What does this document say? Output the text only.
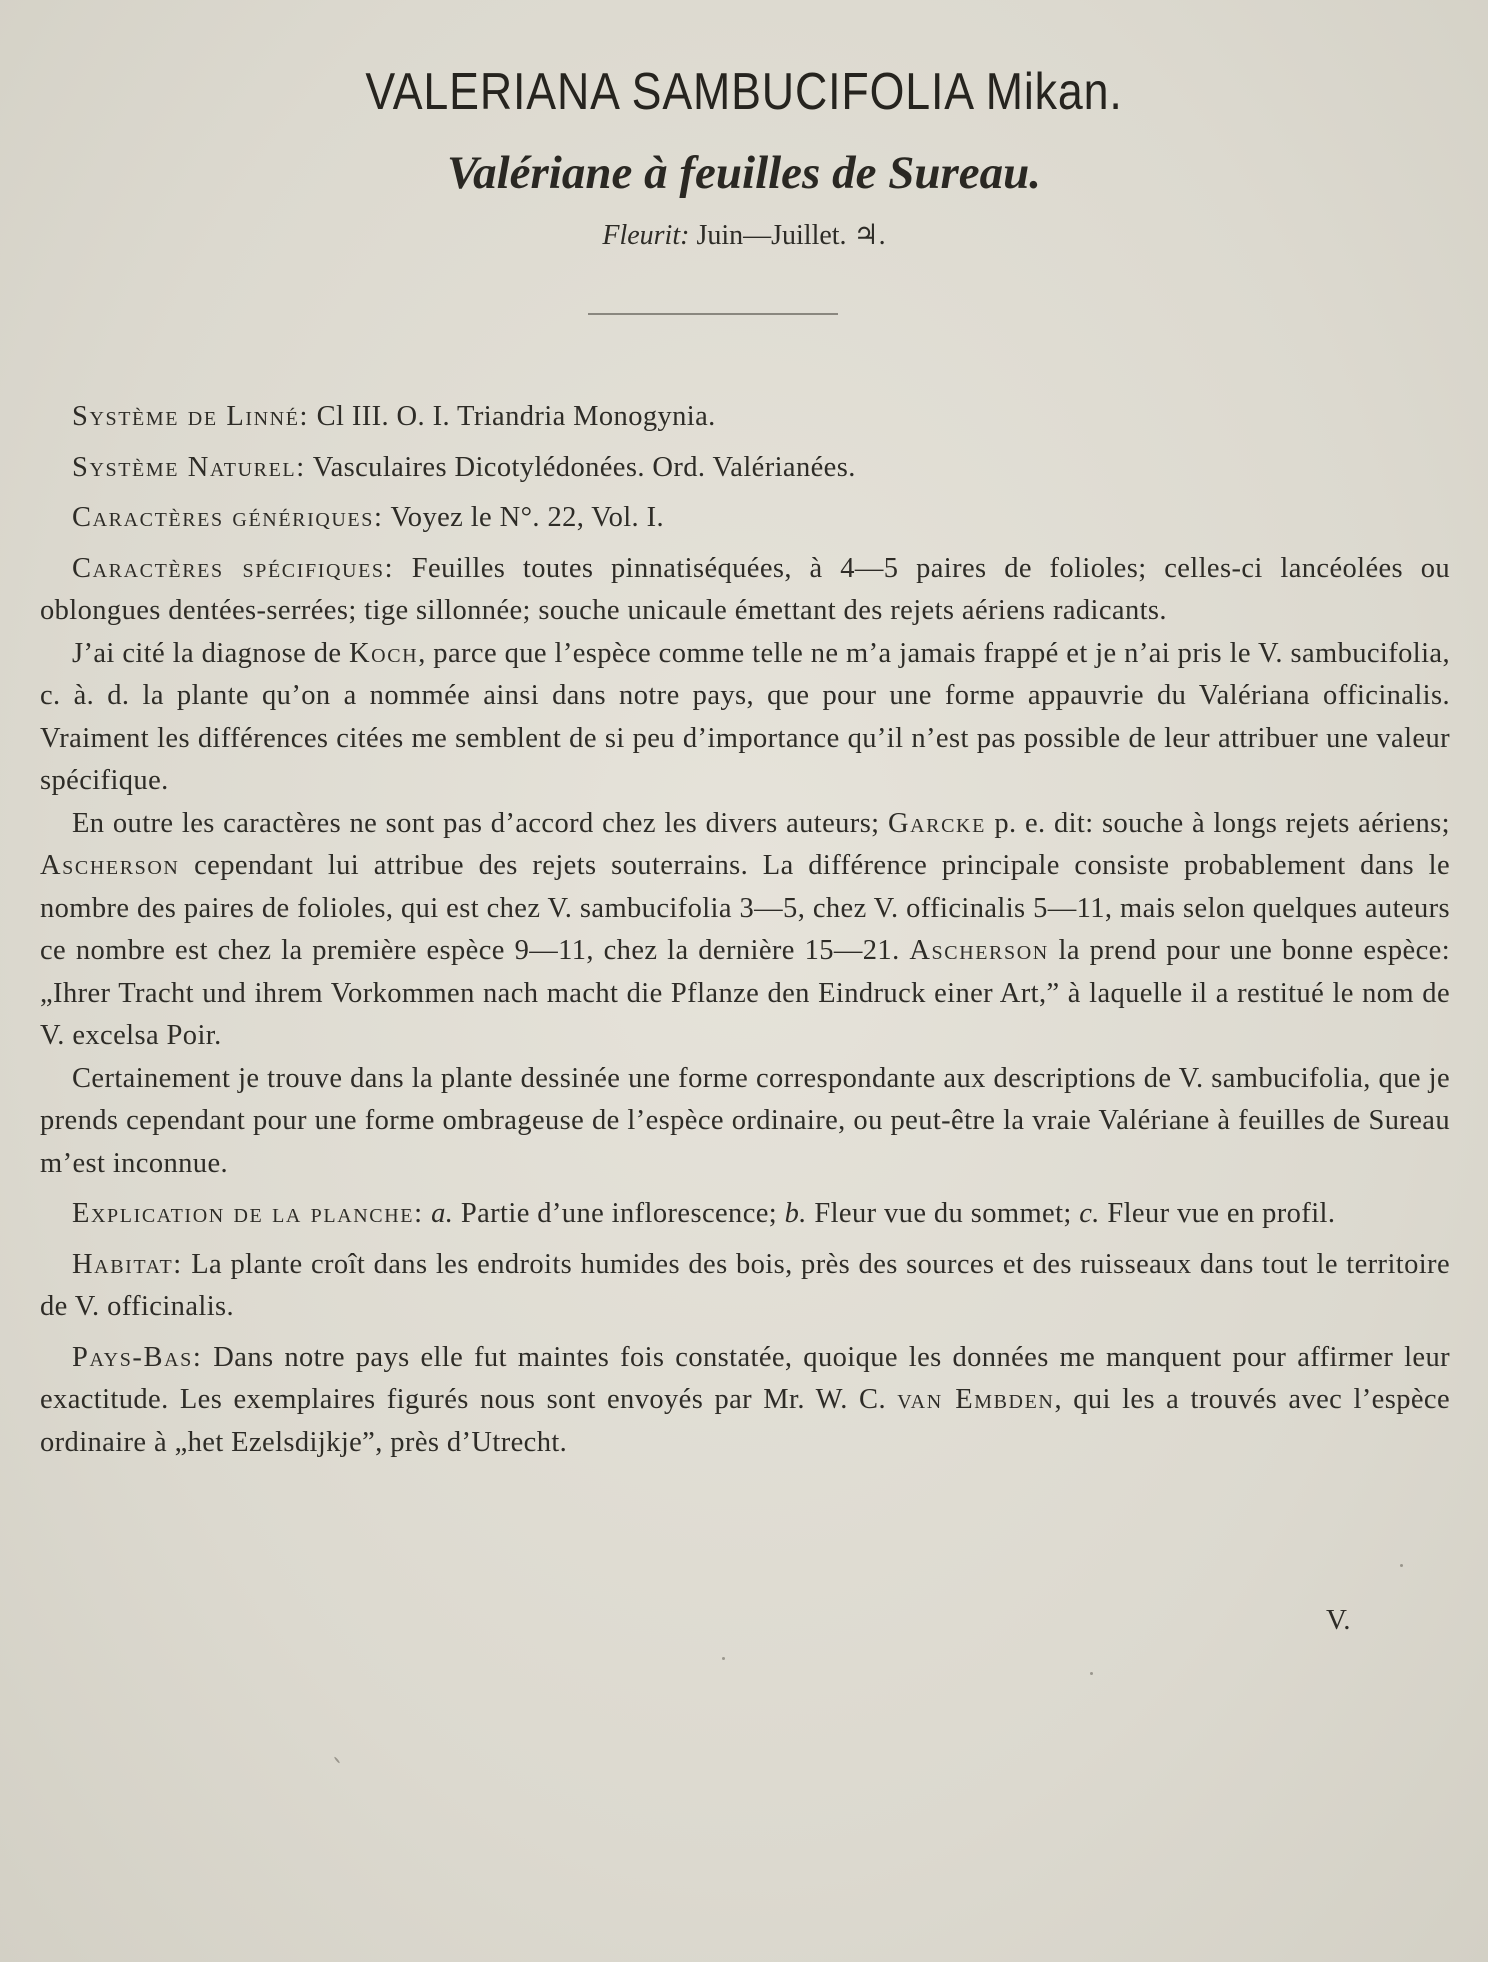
VALERIANA SAMBUCIFOLIA Mikan.
Valériane à feuilles de Sureau.
Fleurit: Juin—Juillet. ♃.

Système de Linné: Cl III. O. I. Triandria Monogynia.

Système Naturel: Vasculaires Dicotylédonées. Ord. Valérianées.

Caractères génériques: Voyez le N°. 22, Vol. I.

Caractères spécifiques: Feuilles toutes pinnatiséquées, à 4—5 paires de folioles; celles-ci lancéolées ou oblongues dentées-serrées; tige sillonnée; souche unicaule émettant des rejets aériens radicants.

J’ai cité la diagnose de Koch, parce que l’espèce comme telle ne m’a jamais frappé et je n’ai pris le V. sambucifolia, c. à. d. la plante qu’on a nommée ainsi dans notre pays, que pour une forme appauvrie du Valériana officinalis. Vraiment les différences citées me semblent de si peu d’importance qu’il n’est pas possible de leur attribuer une valeur spécifique.

En outre les caractères ne sont pas d’accord chez les divers auteurs; Garcke p. e. dit: souche à longs rejets aériens; Ascherson cependant lui attribue des rejets souterrains. La différence principale consiste probablement dans le nombre des paires de folioles, qui est chez V. sambucifolia 3—5, chez V. officinalis 5—11, mais selon quelques auteurs ce nombre est chez la première espèce 9—11, chez la dernière 15—21. Ascherson la prend pour une bonne espèce: „Ihrer Tracht und ihrem Vorkommen nach macht die Pflanze den Eindruck einer Art,” à laquelle il a restitué le nom de V. excelsa Poir.

Certainement je trouve dans la plante dessinée une forme correspondante aux descriptions de V. sambucifolia, que je prends cependant pour une forme ombrageuse de l’espèce ordinaire, ou peut-être la vraie Valériane à feuilles de Sureau m’est inconnue.

Explication de la planche: a. Partie d’une inflorescence; b. Fleur vue du sommet; c. Fleur vue en profil.

Habitat: La plante croît dans les endroits humides des bois, près des sources et des ruisseaux dans tout le territoire de V. officinalis.

Pays-Bas: Dans notre pays elle fut maintes fois constatée, quoique les données me manquent pour affirmer leur exactitude. Les exemplaires figurés nous sont envoyés par Mr. W. C. van Embden, qui les a trouvés avec l’espèce ordinaire à „het Ezelsdijkje”, près d’Utrecht.

V.
